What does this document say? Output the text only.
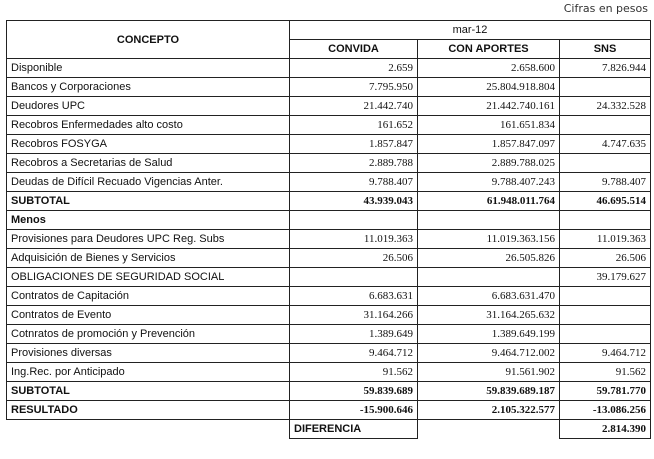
Cifras en pesos
CONCEPTO	mar-12		
	CONVIDA	CON APORTES	SNS
Disponible	2.659	2.658.600	7.826.944
Bancos y Corporaciones	7.795.950	25.804.918.804	
Deudores UPC	21.442.740	21.442.740.161	24.332.528
Recobros Enfermedades alto costo	161.652	161.651.834	
Recobros FOSYGA	1.857.847	1.857.847.097	4.747.635
Recobros a Secretarias de Salud	2.889.788	2.889.788.025	
Deudas de Difícil Recuado Vigencias Anter.	9.788.407	9.788.407.243	9.788.407
SUBTOTAL	43.939.043	61.948.011.764	46.695.514
Menos			
Provisiones para Deudores UPC Reg. Subs	11.019.363	11.019.363.156	11.019.363
Adquisición de Bienes y Servicios	26.506	26.505.826	26.506
OBLIGACIONES DE SEGURIDAD SOCIAL			39.179.627
Contratos de Capitación	6.683.631	6.683.631.470	
Contratos de Evento	31.164.266	31.164.265.632	
Cotnratos de promoción y Prevención	1.389.649	1.389.649.199	
Provisiones diversas	9.464.712	9.464.712.002	9.464.712
Ing.Rec. por Anticipado	91.562	91.561.902	91.562
SUBTOTAL	59.839.689	59.839.689.187	59.781.770
RESULTADO	-15.900.646	2.105.322.577	-13.086.256
	DIFERENCIA		2.814.390
